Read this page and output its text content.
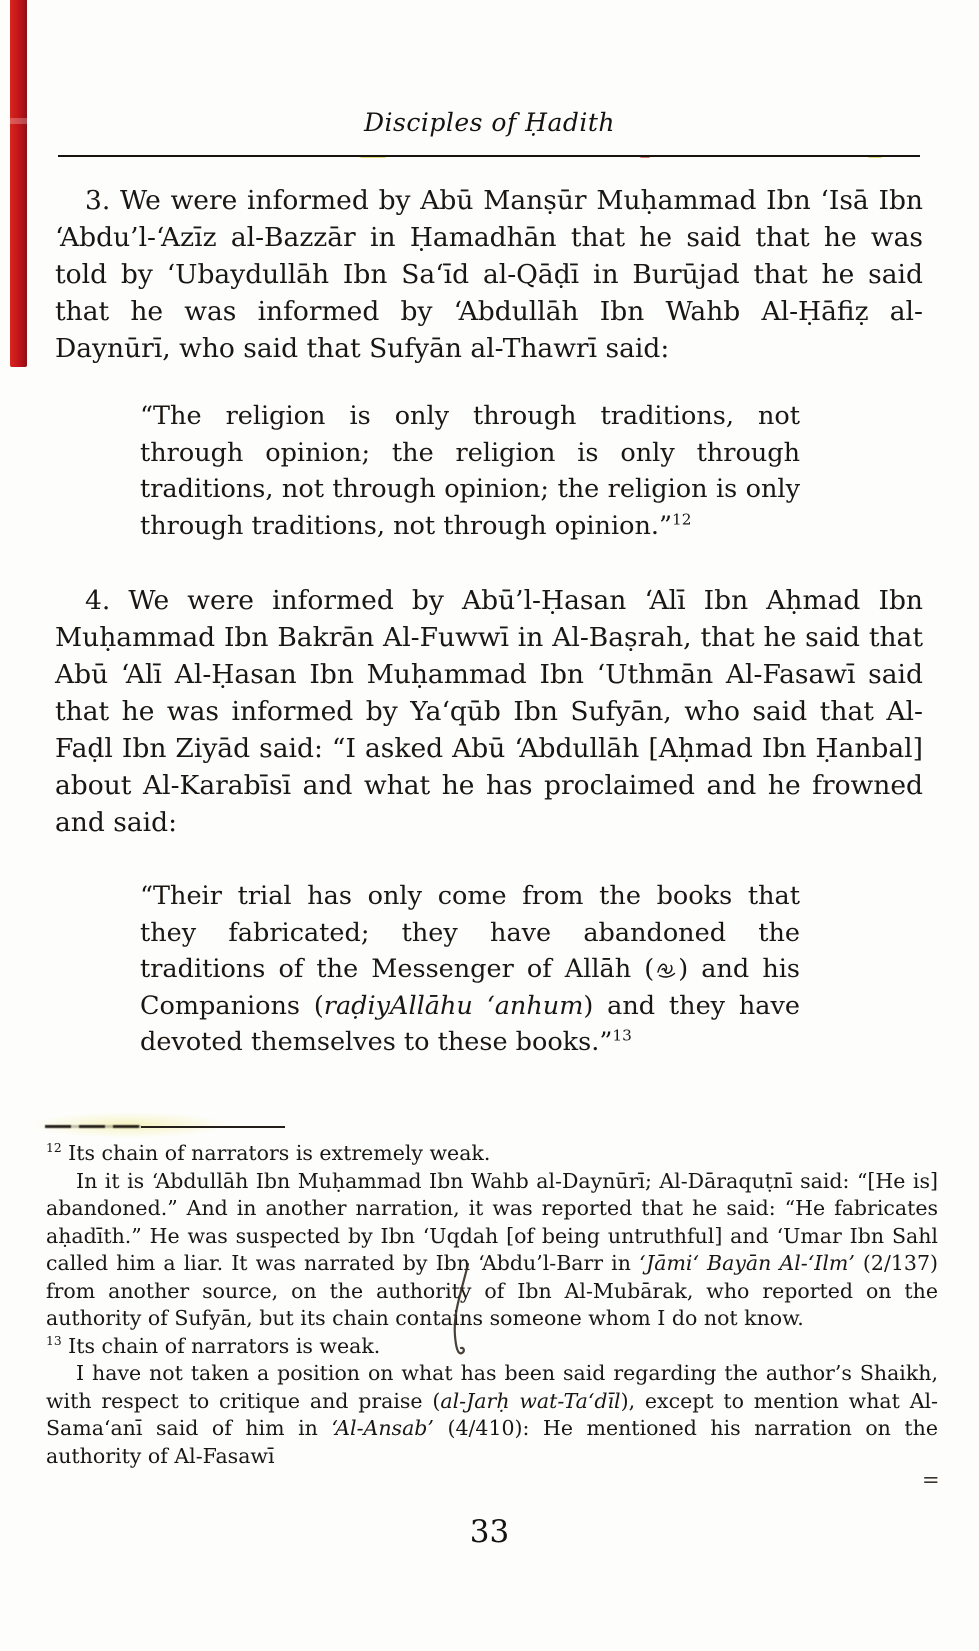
Disciples of Ḥadith

3. We were informed by Abū Manṣūr Muḥammad Ibn ‘Isā Ibn ‘Abdu’l-‘Azīz al-Bazzār in Ḥamadhān that he said that he was told by ‘Ubaydullāh Ibn Sa‘īd al-Qāḍī in Burūjad that he said that he was informed by ‘Abdullāh Ibn Wahb Al-Ḥāfiẓ al-Daynūrī, who said that Sufyān al-Thawrī said:

“The religion is only through traditions, not through opinion; the religion is only through traditions, not through opinion; the religion is only through traditions, not through opinion.”$^{12}$

4. We were informed by Abū’l-Ḥasan ‘Alī Ibn Aḥmad Ibn Muḥammad Ibn Bakrān Al-Fuwwī in Al-Baṣrah, that he said that Abū ‘Alī Al-Ḥasan Ibn Muḥammad Ibn ‘Uthmān Al-Fasawī said that he was informed by Ya‘qūb Ibn Sufyān, who said that Al-Faḍl Ibn Ziyād said: “I asked Abū ‘Abdullāh [Aḥmad Ibn Ḥanbal] about Al-Karabīsī and what he has proclaimed and he frowned and said:

“Their trial has only come from the books that they fabricated; they have abandoned the traditions of the Messenger of Allāh ( ) and his Companions (raḍiyAllāhu ‘anhum) and they have devoted themselves to these books.”$^{13}$

$^{12}$ Its chain of narrators is extremely weak.

In it is ‘Abdullāh Ibn Muḥammad Ibn Wahb al-Daynūrī; Al-Dāraquṭnī said: “[He is] abandoned.” And in another narration, it was reported that he said: “He fabricates aḥadīth.” He was suspected by Ibn ‘Uqdah [of being untruthful] and ‘Umar Ibn Sahl called him a liar. It was narrated by Ibn ‘Abdu’l-Barr in ‘Jāmi‘ Bayān Al-‘Ilm’ (2/137) from another source, on the authority of Ibn Al-Mubārak, who reported on the authority of Sufyān, but its chain contains someone whom I do not know.

$^{13}$ Its chain of narrators is weak.

I have not taken a position on what has been said regarding the author’s Shaikh, with respect to critique and praise (al-Jarḥ wat-Ta‘dīl), except to mention what Al-Sama‘anī said of him in ‘Al-Ansab’ (4/410): He mentioned his narration on the authority of Al-Fasawī

=
33
